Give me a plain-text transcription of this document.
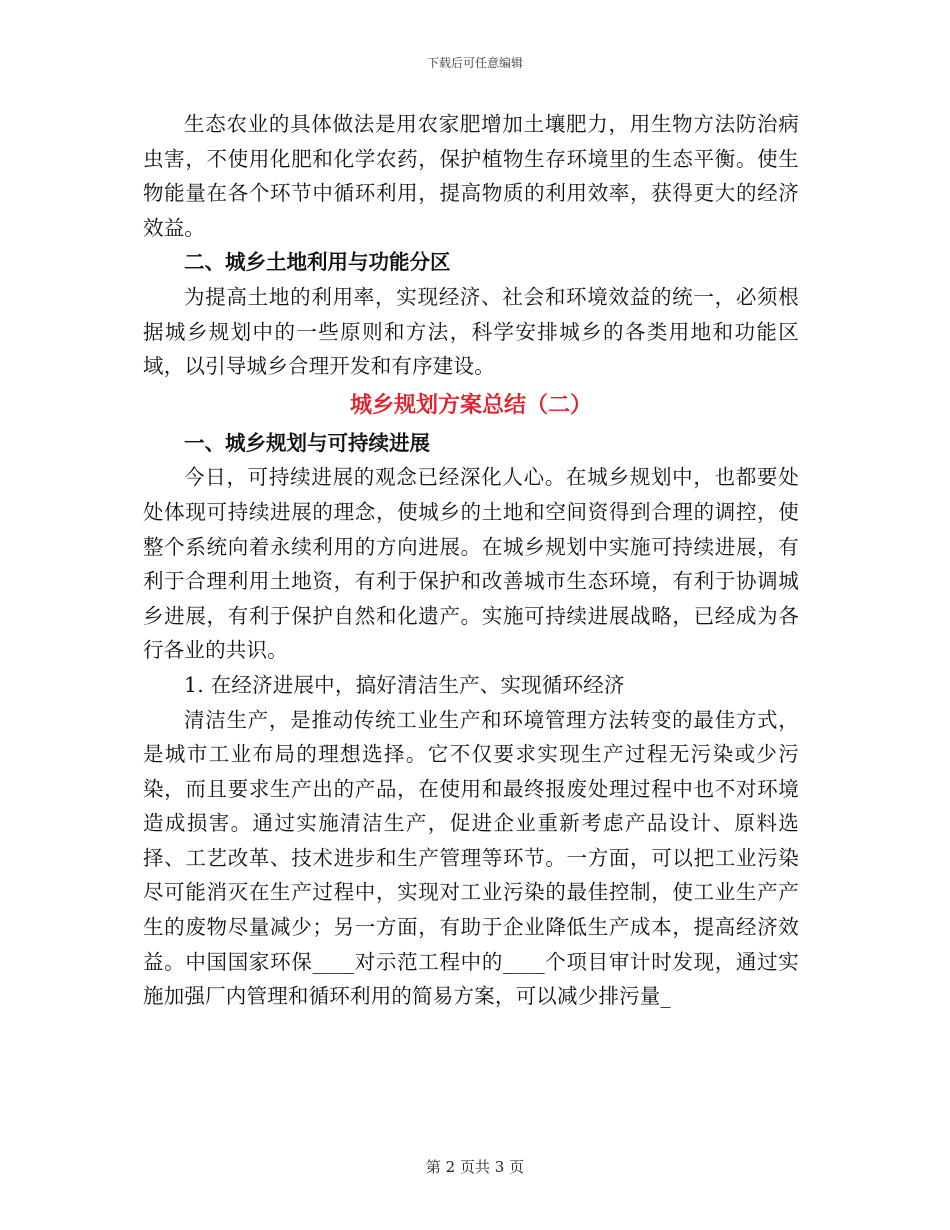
下载后可任意编辑

生态农业的具体做法是用农家肥增加土壤肥力，用生物方法防治病虫害，不使用化肥和化学农药，保护植物生存环境里的生态平衡。使生物能量在各个环节中循环利用，提高物质的利用效率，获得更大的经济效益。

二、城乡土地利用与功能分区

为提高土地的利用率，实现经济、社会和环境效益的统一，必须根据城乡规划中的一些原则和方法，科学安排城乡的各类用地和功能区域，以引导城乡合理开发和有序建设。

城乡规划方案总结（二）

一、城乡规划与可持续进展

今日，可持续进展的观念已经深化人心。在城乡规划中，也都要处处体现可持续进展的理念，使城乡的土地和空间资得到合理的调控，使整个系统向着永续利用的方向进展。在城乡规划中实施可持续进展，有利于合理利用土地资，有利于保护和改善城市生态环境，有利于协调城乡进展，有利于保护自然和化遗产。实施可持续进展战略，已经成为各行各业的共识。

1. 在经济进展中，搞好清洁生产、实现循环经济

清洁生产，是推动传统工业生产和环境管理方法转变的最佳方式，是城市工业布局的理想选择。它不仅要求实现生产过程无污染或少污染，而且要求生产出的产品，在使用和最终报废处理过程中也不对环境造成损害。通过实施清洁生产，促进企业重新考虑产品设计、原料选择、工艺改革、技术进步和生产管理等环节。一方面，可以把工业污染尽可能消灭在生产过程中，实现对工业污染的最佳控制，使工业生产产生的废物尽量减少；另一方面，有助于企业降低生产成本，提高经济效益。中国国家环保____对示范工程中的____个项目审计时发现，通过实施加强厂内管理和循环利用的简易方案，可以减少排污量_

第 2 页共 3 页
